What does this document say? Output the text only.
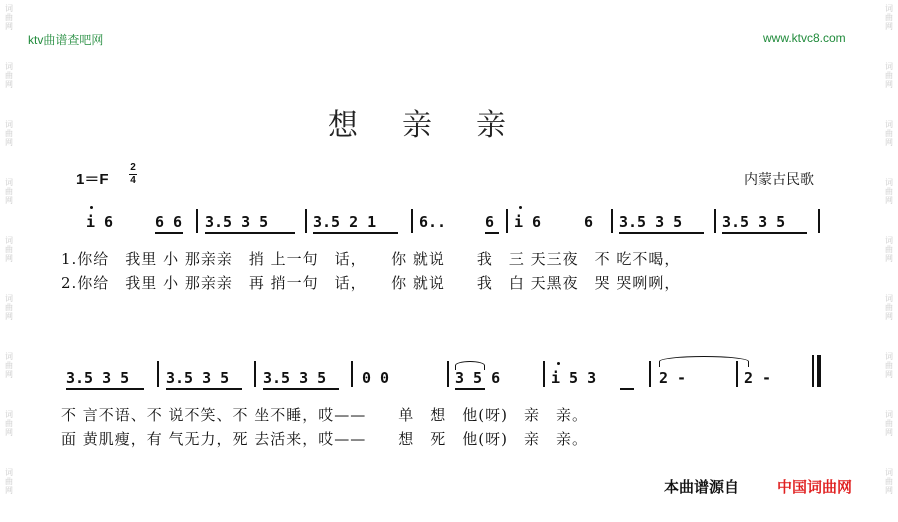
词
曲
网
词
曲
网
词
曲
网
词
曲
网
词
曲
网
词
曲
网
词
曲
网
词
曲
网
词
曲
网
词
曲
网
词
曲
网
词
曲
网
词
曲
网
词
曲
网
词
曲
网
词
曲
网
词
曲
网
词
曲
网
ktv曲谱查吧网	www.ktvc8.com
想亲亲
1＝F
2
4	内蒙古民歌
i 6	6 6 3.5 3 5	3.5 2 1	6..	6 i 6	6 3.5 3 5	3.5 3 5
1.你给　我里 小 那亲亲　捎 上一句　话，　　你 就说　　我　三 天三夜　不 吃不喝，
2.你给　我里 小 那亲亲　再 捎一句　话，　　你 就说　　我　白 天黑夜　哭 哭咧咧，
3.5 3 5 3.5 3 5 3.5 3 5 0 0	3 5 6	i 5 3	2 -	2 -
不 言不语、不 说不笑、不 坐不睡，哎——　　单　想　他(呀)　亲　亲。
面 黄肌瘦，有 气无力，死 去活来，哎——　　想　死　他(呀)　亲　亲。
本曲谱源自	中国词曲网
